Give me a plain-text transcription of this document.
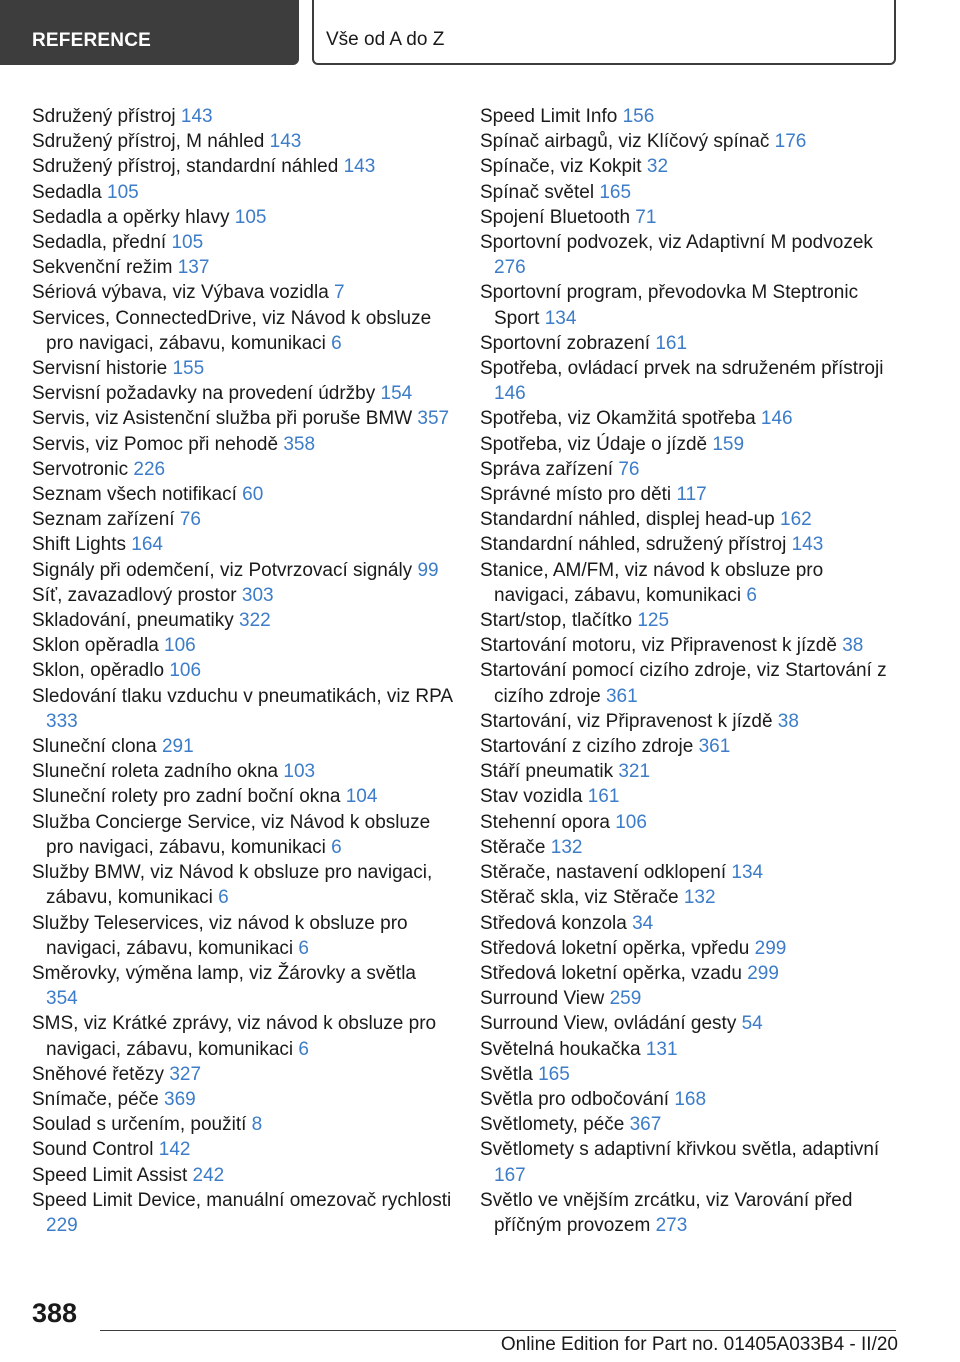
REFERENCE	Vše od A do Z
Sdružený přístroj 143
Sdružený přístroj, M náhled 143
Sdružený přístroj, standardní náhled 143
Sedadla 105
Sedadla a opěrky hlavy 105
Sedadla, přední 105
Sekvenční režim 137
Sériová výbava, viz Výbava vozidla 7
Services, ConnectedDrive, viz Návod k obsluze pro navigaci, zábavu, komunikaci 6
Servisní historie 155
Servisní požadavky na provedení údržby 154
Servis, viz Asistenční služba při poruše BMW 357
Servis, viz Pomoc při nehodě 358
Servotronic 226
Seznam všech notifikací 60
Seznam zařízení 76
Shift Lights 164
Signály při odemčení, viz Potvrzovací signály 99
Síť, zavazadlový prostor 303
Skladování, pneumatiky 322
Sklon opěradla 106
Sklon, opěradlo 106
Sledování tlaku vzduchu v pneumatikách, viz RPA 333
Sluneční clona 291
Sluneční roleta zadního okna 103
Sluneční rolety pro zadní boční okna 104
Služba Concierge Service, viz Návod k obsluze pro navigaci, zábavu, komunikaci 6
Služby BMW, viz Návod k obsluze pro navigaci, zábavu, komunikaci 6
Služby Teleservices, viz návod k obsluze pro navigaci, zábavu, komunikaci 6
Směrovky, výměna lamp, viz Žárovky a světla 354
SMS, viz Krátké zprávy, viz návod k obsluze pro navigaci, zábavu, komunikaci 6
Sněhové řetězy 327
Snímače, péče 369
Soulad s určením, použití 8
Sound Control 142
Speed Limit Assist 242
Speed Limit Device, manuální omezovač rychlosti 229
Speed Limit Info 156
Spínač airbagů, viz Klíčový spínač 176
Spínače, viz Kokpit 32
Spínač světel 165
Spojení Bluetooth 71
Sportovní podvozek, viz Adaptivní M podvozek 276
Sportovní program, převodovka M Steptronic Sport 134
Sportovní zobrazení 161
Spotřeba, ovládací prvek na sdruženém přístroji 146
Spotřeba, viz Okamžitá spotřeba 146
Spotřeba, viz Údaje o jízdě 159
Správa zařízení 76
Správné místo pro děti 117
Standardní náhled, displej head-up 162
Standardní náhled, sdružený přístroj 143
Stanice, AM/FM, viz návod k obsluze pro navigaci, zábavu, komunikaci 6
Start/stop, tlačítko 125
Startování motoru, viz Připravenost k jízdě 38
Startování pomocí cizího zdroje, viz Startování z cizího zdroje 361
Startování, viz Připravenost k jízdě 38
Startování z cizího zdroje 361
Stáří pneumatik 321
Stav vozidla 161
Stehenní opora 106
Stěrače 132
Stěrače, nastavení odklopení 134
Stěrač skla, viz Stěrače 132
Středová konzola 34
Středová loketní opěrka, vpředu 299
Středová loketní opěrka, vzadu 299
Surround View 259
Surround View, ovládání gesty 54
Světelná houkačka 131
Světla 165
Světla pro odbočování 168
Světlomety, péče 367
Světlomety s adaptivní křivkou světla, adaptivní 167
Světlo ve vnějším zrcátku, viz Varování před příčným provozem 273
388
Online Edition for Part no. 01405A033B4 - II/20
